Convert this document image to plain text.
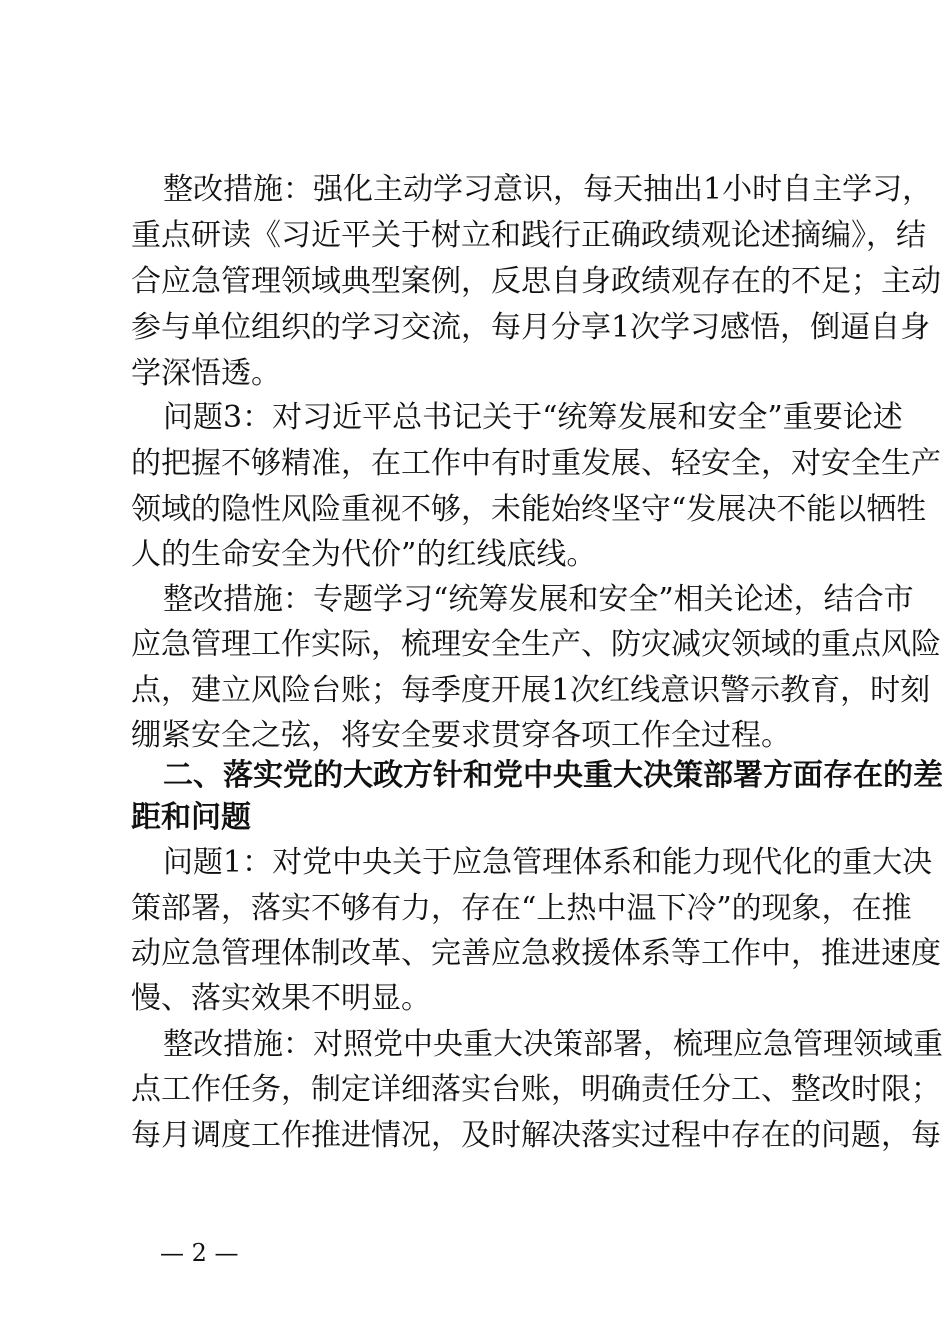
整改措施：强化主动学习意识，每天抽出1小时自主学习，
重点研读《习近平关于树立和践行正确政绩观论述摘编》，结
合应急管理领域典型案例，反思自身政绩观存在的不足；主动
参与单位组织的学习交流，每月分享1次学习感悟，倒逼自身
学深悟透。
问题3：对习近平总书记关于“统筹发展和安全”重要论述
的把握不够精准，在工作中有时重发展、轻安全，对安全生产
领域的隐性风险重视不够，未能始终坚守“发展决不能以牺牲
人的生命安全为代价”的红线底线。
整改措施：专题学习“统筹发展和安全”相关论述，结合市
应急管理工作实际，梳理安全生产、防灾减灾领域的重点风险
点，建立风险台账；每季度开展1次红线意识警示教育，时刻
绷紧安全之弦，将安全要求贯穿各项工作全过程。
二、落实党的大政方针和党中央重大决策部署方面存在的差
距和问题
问题1：对党中央关于应急管理体系和能力现代化的重大决
策部署，落实不够有力，存在“上热中温下冷”的现象，在推
动应急管理体制改革、完善应急救援体系等工作中，推进速度
慢、落实效果不明显。
整改措施：对照党中央重大决策部署，梳理应急管理领域重
点工作任务，制定详细落实台账，明确责任分工、整改时限；
每月调度工作推进情况，及时解决落实过程中存在的问题，每
— 2 —
